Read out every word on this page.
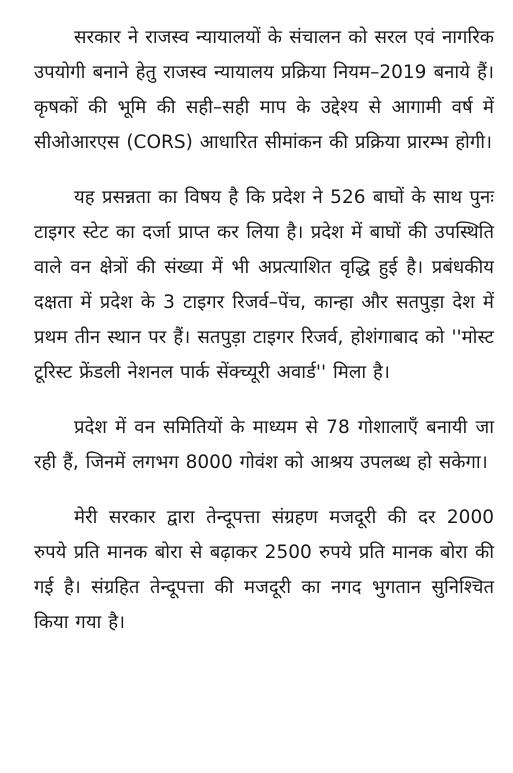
सरकार ने राजस्व न्यायालयों के संचालन को सरल एवं नागरिक उपयोगी बनाने हेतु राजस्व न्यायालय प्रक्रिया नियम–2019 बनाये हैं। कृषकों की भूमि की सही–सही माप के उद्देश्य से आगामी वर्ष में सीओआरएस (CORS) आधारित सीमांकन की प्रक्रिया प्रारम्भ होगी।

यह प्रसन्नता का विषय है कि प्रदेश ने 526 बाघों के साथ पुनः टाइगर स्टेट का दर्जा प्राप्त कर लिया है। प्रदेश में बाघों की उपस्थिति वाले वन क्षेत्रों की संख्या में भी अप्रत्याशित वृद्धि हुई है। प्रबंधकीय दक्षता में प्रदेश के 3 टाइगर रिजर्व–पेंच, कान्हा और सतपुड़ा देश में प्रथम तीन स्थान पर हैं। सतपुड़ा टाइगर रिजर्व, होशंगाबाद को ''मोस्ट टूरिस्ट फ्रेंडली नेशनल पार्क सेंक्च्यूरी अवार्ड'' मिला है।

प्रदेश में वन समितियों के माध्यम से 78 गोशालाएँ बनायी जा रही हैं, जिनमें लगभग 8000 गोवंश को आश्रय उपलब्ध हो सकेगा।

मेरी सरकार द्वारा तेन्दूपत्ता संग्रहण मजदूरी की दर 2000 रुपये प्रति मानक बोरा से बढ़ाकर 2500 रुपये प्रति मानक बोरा की गई है। संग्रहित तेन्दूपत्ता की मजदूरी का नगद भुगतान सुनिश्चित किया गया है।
